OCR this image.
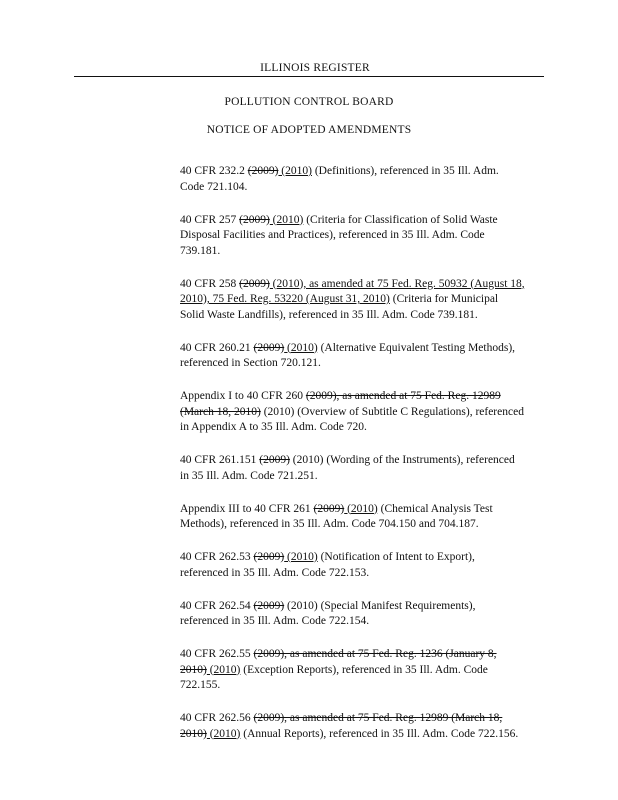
ILLINOIS REGISTER
POLLUTION CONTROL BOARD
NOTICE OF ADOPTED AMENDMENTS

40 CFR 232.2 (2009) (2010) (Definitions), referenced in 35 Ill. Adm. Code 721.104.

40 CFR 257 (2009) (2010) (Criteria for Classification of Solid Waste Disposal Facilities and Practices), referenced in 35 Ill. Adm. Code 739.181.

40 CFR 258 (2009) (2010), as amended at 75 Fed. Reg. 50932 (August 18, 2010), 75 Fed. Reg. 53220 (August 31, 2010) (Criteria for Municipal Solid Waste Landfills), referenced in 35 Ill. Adm. Code 739.181.

40 CFR 260.21 (2009) (2010) (Alternative Equivalent Testing Methods), referenced in Section 720.121.

Appendix I to 40 CFR 260 (2009), as amended at 75 Fed. Reg. 12989 (March 18, 2010) (2010) (Overview of Subtitle C Regulations), referenced in Appendix A to 35 Ill. Adm. Code 720.

40 CFR 261.151 (2009) (2010) (Wording of the Instruments), referenced in 35 Ill. Adm. Code 721.251.

Appendix III to 40 CFR 261 (2009) (2010) (Chemical Analysis Test Methods), referenced in 35 Ill. Adm. Code 704.150 and 704.187.

40 CFR 262.53 (2009) (2010) (Notification of Intent to Export), referenced in 35 Ill. Adm. Code 722.153.

40 CFR 262.54 (2009) (2010) (Special Manifest Requirements), referenced in 35 Ill. Adm. Code 722.154.

40 CFR 262.55 (2009), as amended at 75 Fed. Reg. 1236 (January 8, 2010) (2010) (Exception Reports), referenced in 35 Ill. Adm. Code 722.155.

40 CFR 262.56 (2009), as amended at 75 Fed. Reg. 12989 (March 18, 2010) (2010) (Annual Reports), referenced in 35 Ill. Adm. Code 722.156.
